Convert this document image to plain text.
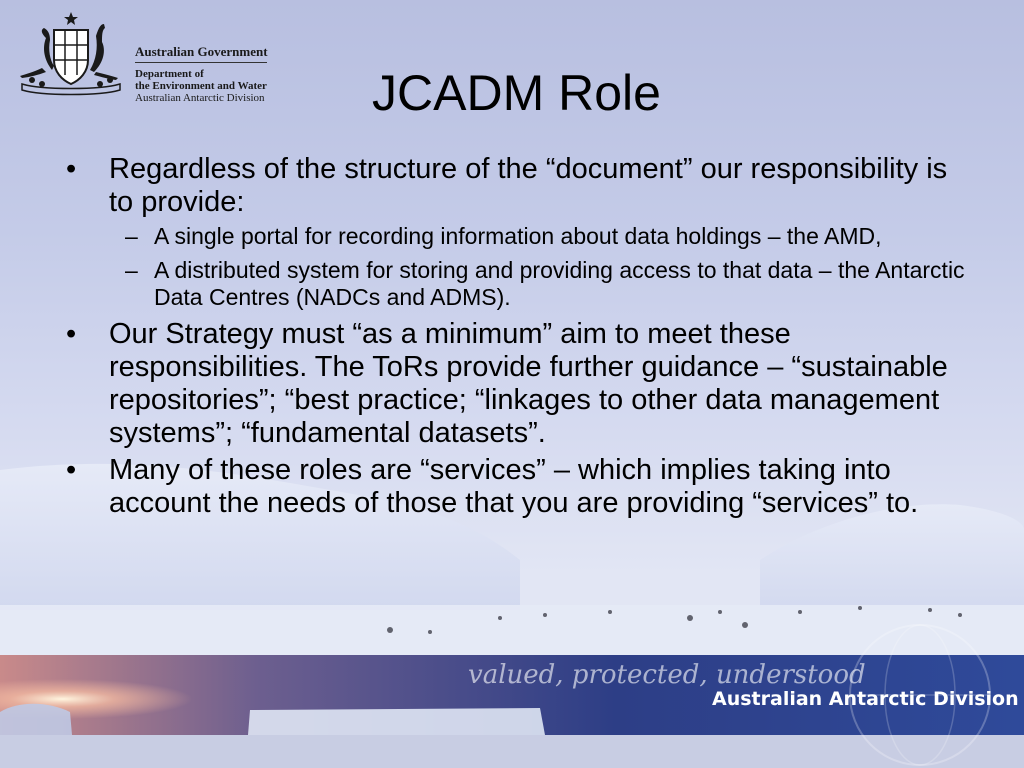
Australian Government
Department of
the Environment and Water
Australian Antarctic Division JCADM Role
• Regardless of the structure of the “document” our responsibility is to provide:
– A single portal for recording information about data holdings – the AMD,
– A distributed system for storing and providing access to that data – the Antarctic Data Centres (NADCs and ADMS).
• Our Strategy must “as a minimum” aim to meet these responsibilities. The ToRs provide further guidance – “sustainable repositories”; “best practice; “linkages to other data management systems”; “fundamental datasets”.
• Many of these roles are “services” – which implies taking into account the needs of those that you are providing “services” to.
valued, protected, understood
Australian Antarctic Division
